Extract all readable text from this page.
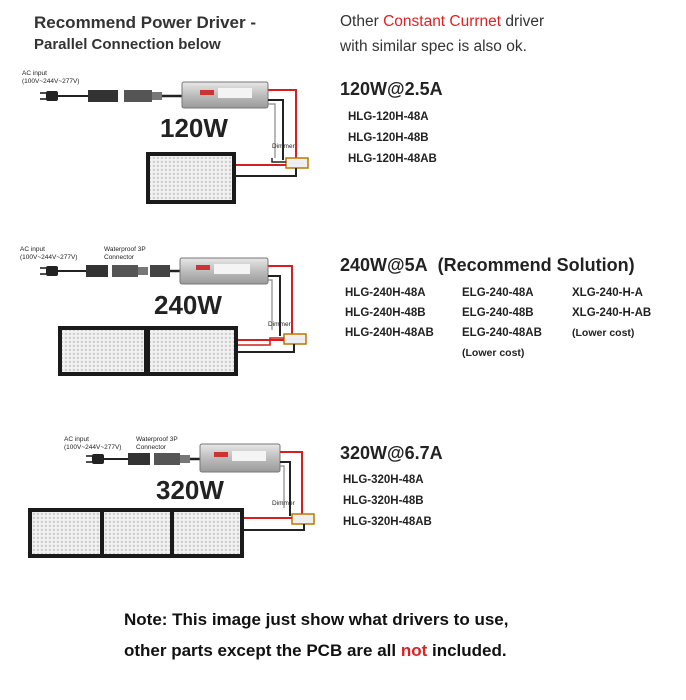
Recommend Power Driver -
Parallel Connection below
Other Constant Currnet driver
with similar spec is also ok.
AC input
(100V~244V~277V)
120W
Dimmer
120W@2.5A
HLG-120H-48A
HLG-120H-48B
HLG-120H-48AB
AC input
(100V~244V~277V)
Waterproof 3P
Connector
240W
Dimmer
240W@5A (Recommend Solution)
HLG-240H-48A
HLG-240H-48B
HLG-240H-48AB
ELG-240-48A
ELG-240-48B
ELG-240-48AB
(Lower cost)
XLG-240-H-A
XLG-240-H-AB
(Lower cost)
AC input
(100V~244V~277V)
Waterproof 3P
Connector
320W	Dimmer
320W@6.7A
HLG-320H-48A
HLG-320H-48B
HLG-320H-48AB
Note: This image just show what drivers to use,
other parts except the PCB are all not included.
